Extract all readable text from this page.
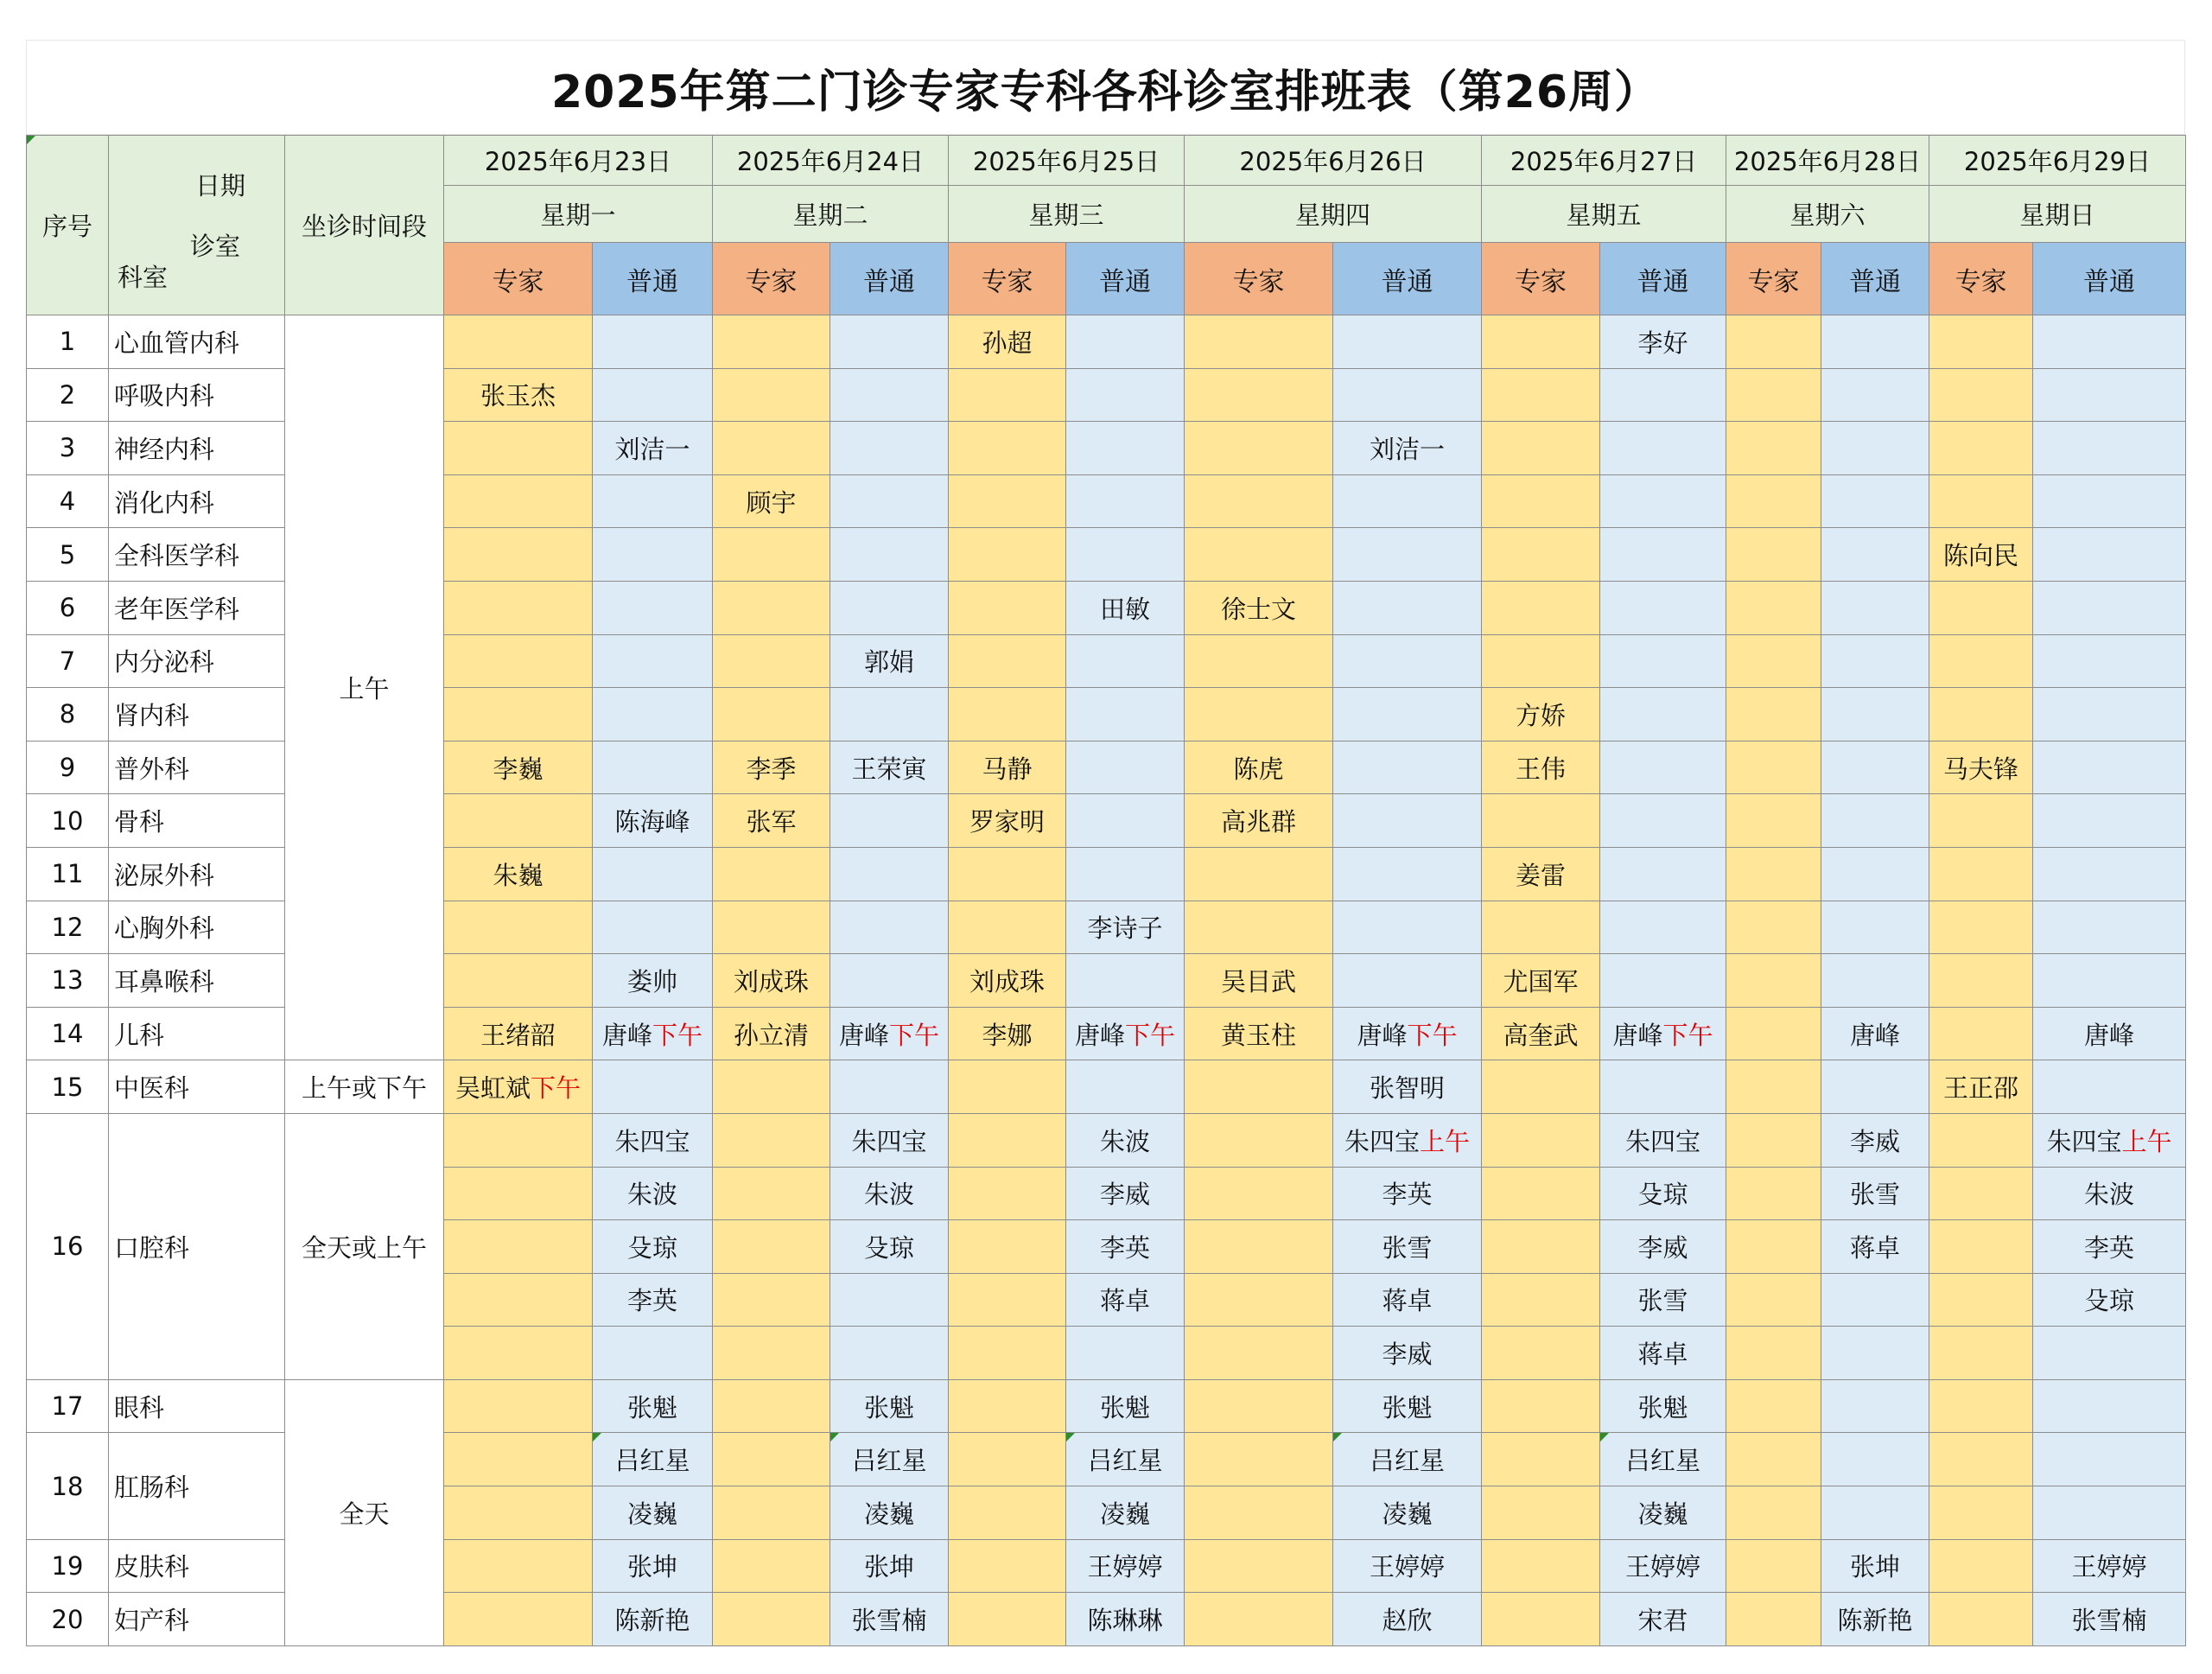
2025年第二门诊专家专科各科诊室排班表（第26周）
序号	日期
诊室
科室	坐诊时间段	2025年6月23日		2025年6月24日		2025年6月25日		2025年6月26日		2025年6月27日		2025年6月28日		2025年6月29日	
			星期一		星期二		星期三		星期四		星期五		星期六		星期日	
			专家	普通	专家	普通	专家	普通	专家	普通	专家	普通	专家	普通	专家	普通
1	心血管内科	上午					孙超					李好				
2	呼吸内科		张玉杰													
3	神经内科			刘洁一						刘洁一						
4	消化内科				顾宇											
5	全科医学科														陈向民	
6	老年医学科							田敏	徐士文							
7	内分泌科					郭娟										
8	肾内科										方娇					
9	普外科		李巍		李季	王荣寅	马静		陈虎		王伟				马夫锋	
10	骨科			陈海峰	张军		罗家明		高兆群							
11	泌尿外科		朱巍								姜雷					
12	心胸外科							李诗子								
13	耳鼻喉科			娄帅	刘成珠		刘成珠		吴目武		尤国军					
14	儿科		王绪韶	唐峰下午	孙立清	唐峰下午	李娜	唐峰下午	黄玉柱	唐峰下午	高奎武	唐峰下午		唐峰		唐峰
15	中医科	上午或下午	吴虹斌下午							张智明					王正邵	
16	口腔科	全天或上午		朱四宝		朱四宝		朱波		朱四宝上午		朱四宝		李威		朱四宝上午
				朱波		朱波		李威		李英		殳琼		张雪		朱波
				殳琼		殳琼		李英		张雪		李威		蒋卓		李英
				李英				蒋卓		蒋卓		张雪				殳琼
										李威		蒋卓				
17	眼科	全天		张魁		张魁		张魁		张魁		张魁				
18	肛肠科			吕红星		吕红星		吕红星		吕红星		吕红星				
				凌巍		凌巍		凌巍		凌巍		凌巍				
19	皮肤科			张坤		张坤		王婷婷		王婷婷		王婷婷		张坤		王婷婷
20	妇产科			陈新艳		张雪楠		陈琳琳		赵欣		宋君		陈新艳		张雪楠
